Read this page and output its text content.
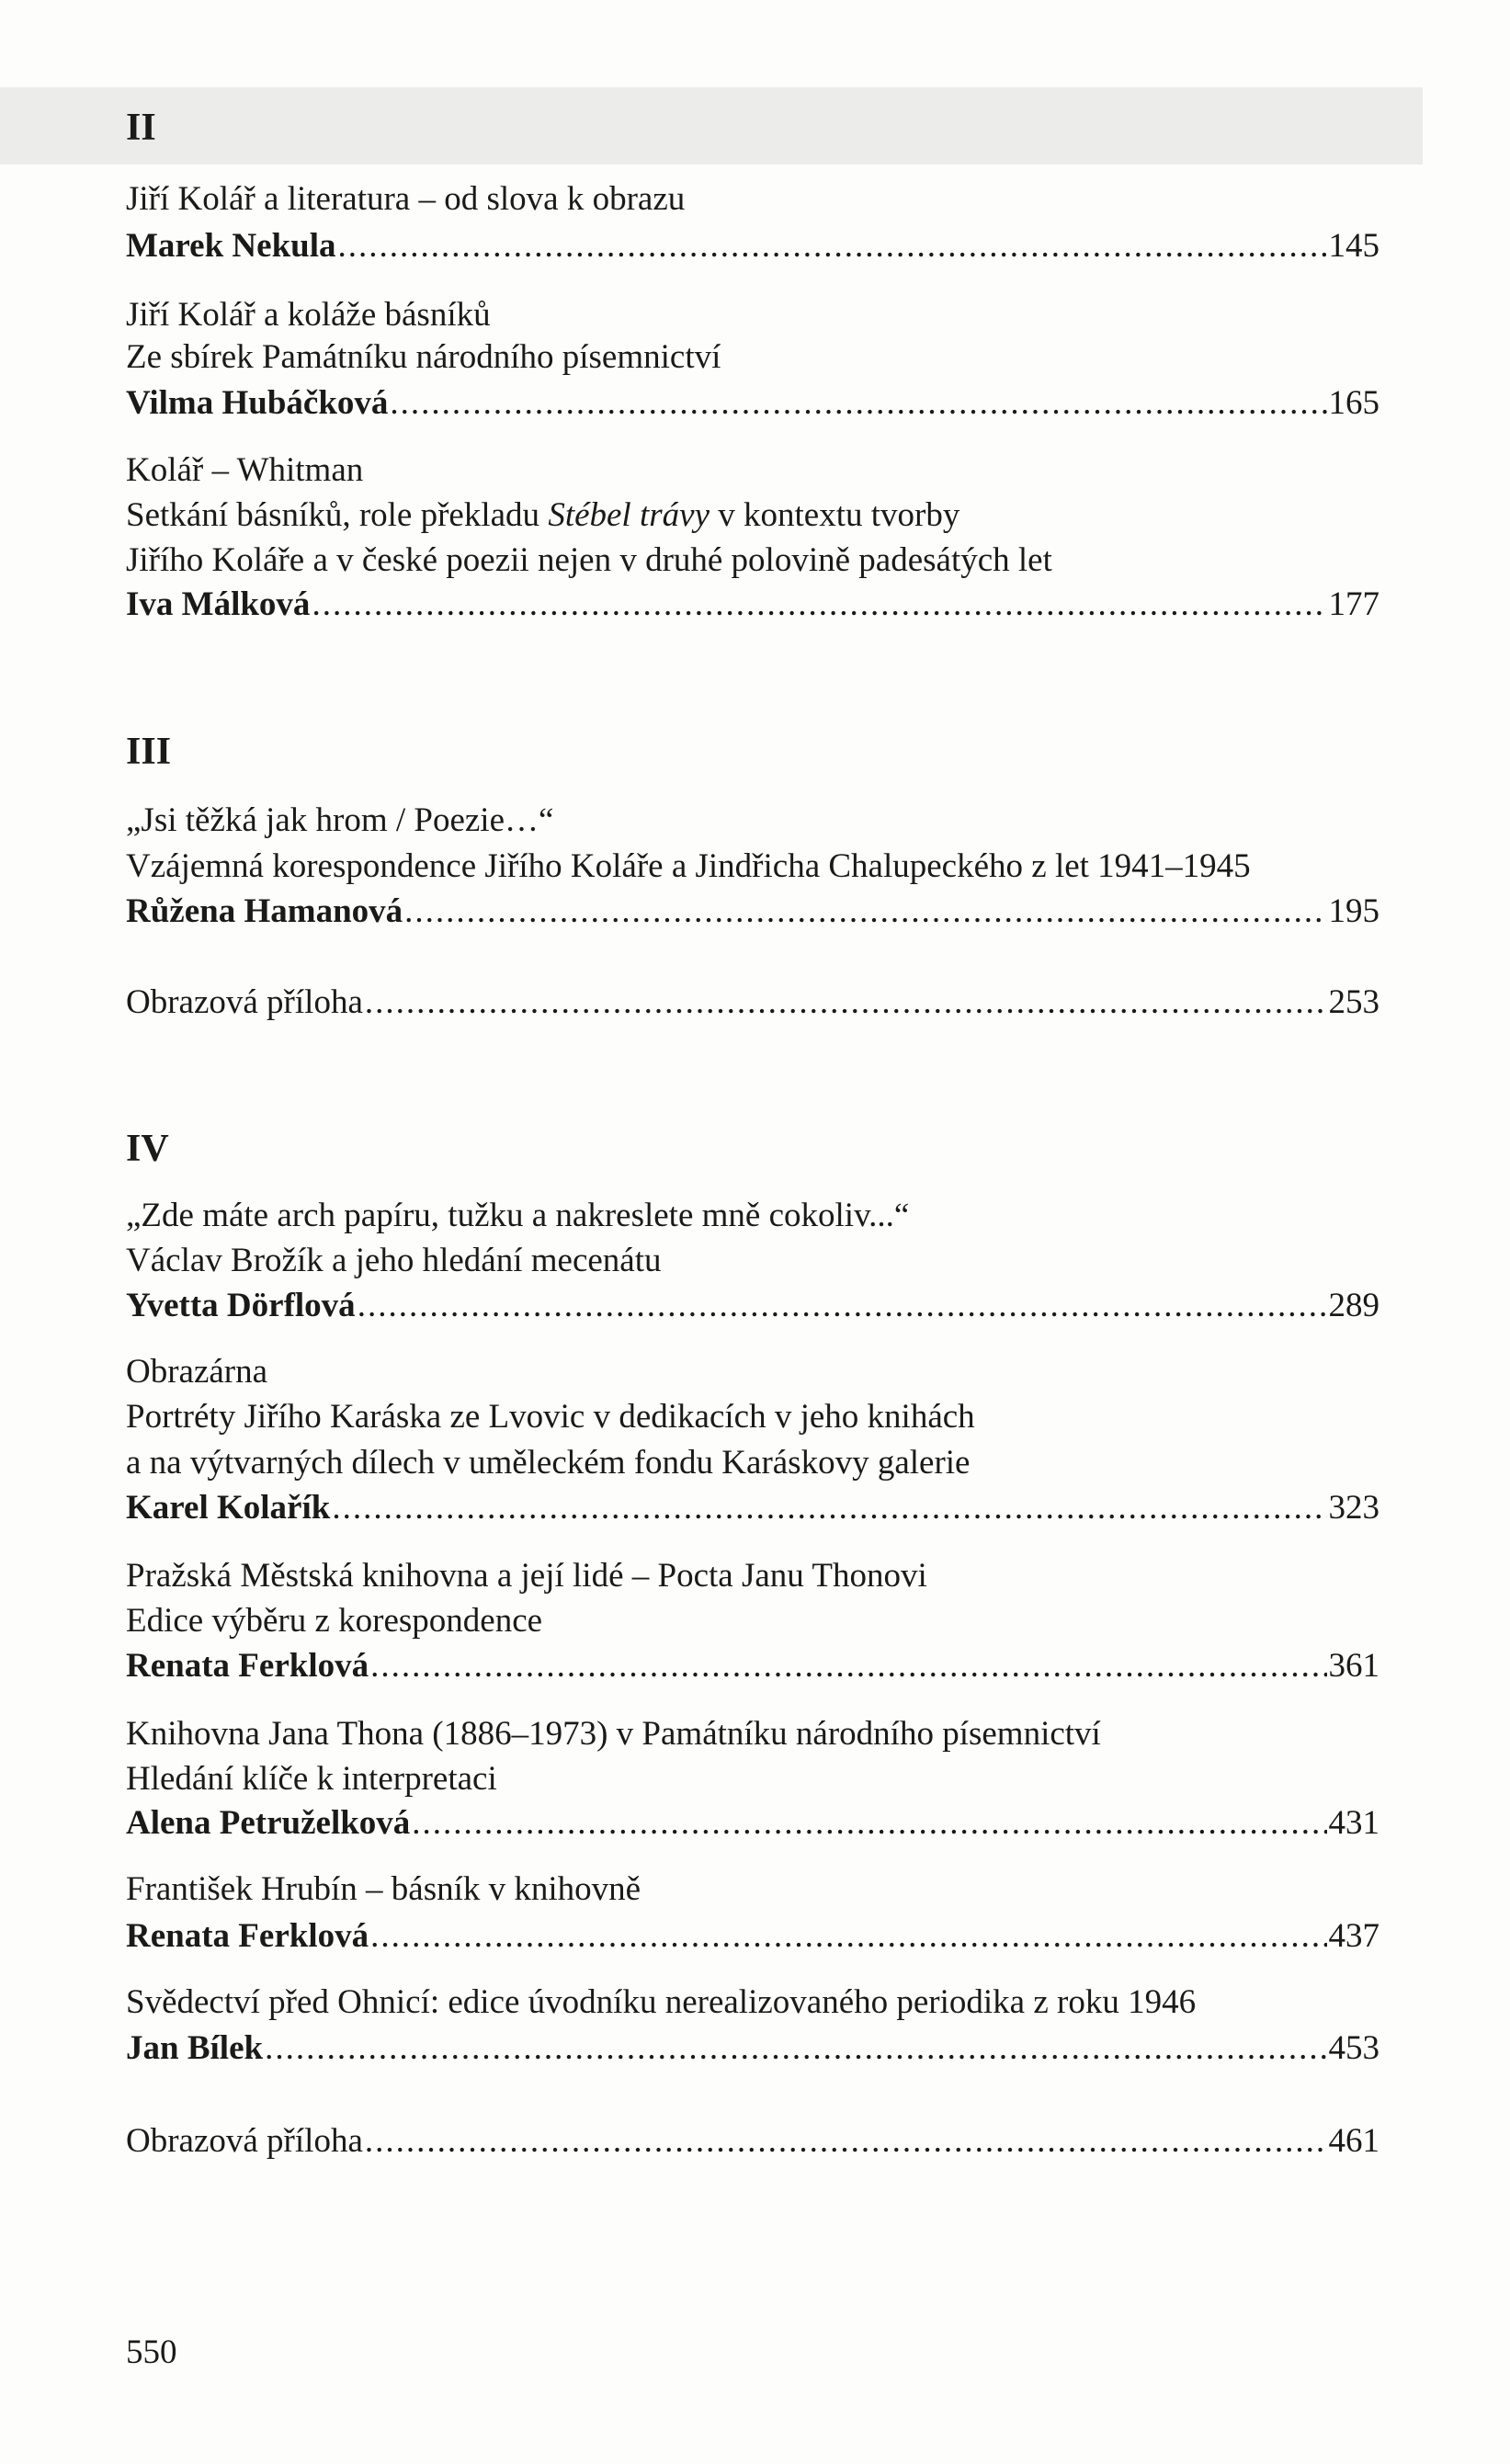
II
Jiří Kolář a literatura – od slova k obrazu
Marek Nekula .....	145
Jiří Kolář a koláže básníků
Ze sbírek Památníku národního písemnictví
Vilma Hubáčková .....	165
Kolář – Whitman
Setkání básníků, role překladu Stébel trávy v kontextu tvorby
Jiřího Koláře a v české poezii nejen v druhé polovině padesátých let
Iva Málková .....	177
III
„Jsi těžká jak hrom / Poezie…“
Vzájemná korespondence Jiřího Koláře a Jindřicha Chalupeckého z let 1941–1945
Růžena Hamanová .....	195
Obrazová příloha .....	253
IV
„Zde máte arch papíru, tužku a nakreslete mně cokoliv...“
Václav Brožík a jeho hledání mecenátu
Yvetta Dörflová .....	289
Obrazárna
Portréty Jiřího Karáska ze Lvovic v dedikacích v jeho knihách
a na výtvarných dílech v uměleckém fondu Karáskovy galerie
Karel Kolařík .....	323
Pražská Městská knihovna a její lidé – Pocta Janu Thonovi
Edice výběru z korespondence
Renata Ferklová .....	361
Knihovna Jana Thona (1886–1973) v Památníku národního písemnictví
Hledání klíče k interpretaci
Alena Petruželková .....	431
František Hrubín – básník v knihovně
Renata Ferklová .....	437
Svědectví před Ohnicí: edice úvodníku nerealizovaného periodika z roku 1946
Jan Bílek .....	453
Obrazová příloha .....	461
550
